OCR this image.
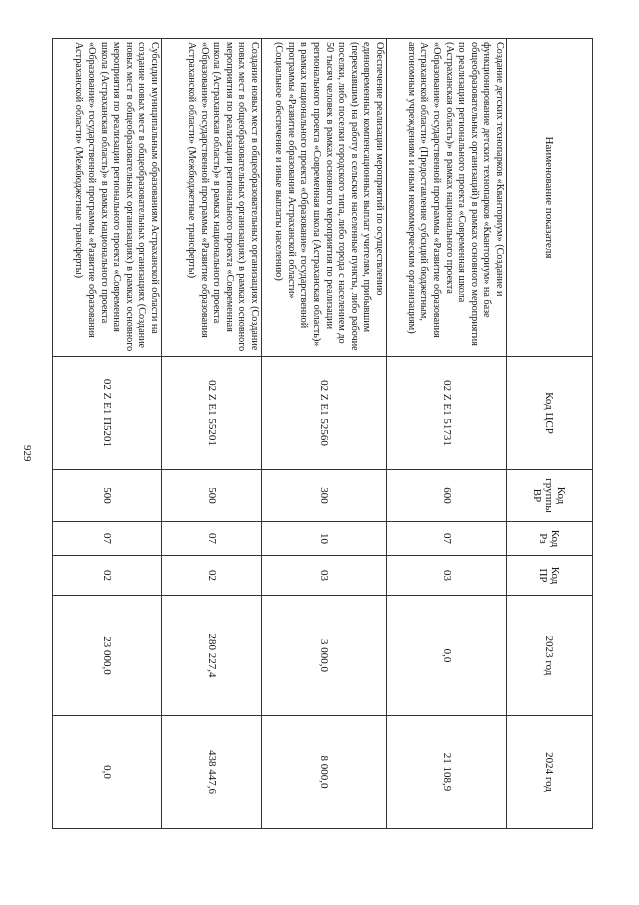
929
Наименование показателя	Код ЦСР	Код группы ВР	Код Рз	Код ПР	2023 год	2024 год
Создание детских технопарков «Кванториум» (Создание и функционирование детских технопарков «Кванториум» на базе общеобразовательных организаций) в рамках основного мероприятия по реализации регионального проекта «Современная школа (Астраханская область)» в рамках национального проекта «Образование» государственной программы «Развитие образования Астраханской области» (Предоставление субсидий бюджетным, автономным учреждениям и иным некоммерческим организациям)	02 Z E1 51731	600	07	03	0,0	21 108,9
Обеспечение реализации мероприятий по осуществлению единовременных компенсационных выплат учителям, прибывшим (переехавшим) на работу в сельские населенные пункты, либо рабочие поселки, либо поселки городского типа, либо города с населением до 50 тысяч человек в рамках основного мероприятия по реализации регионального проекта «Современная школа (Астраханская область)» в рамках национального проекта «Образование» государственной программы «Развитие образования Астраханской области» (Социальное обеспечение и иные выплаты населению)	02 Z E1 52560	300	10	03	3 000,0	8 000,0
Создание новых мест в общеобразовательных организациях (Создание новых мест в общеобразовательных организациях) в рамках основного мероприятия по реализации регионального проекта «Современная школа (Астраханская область)» в рамках национального проекта «Образование» государственной программы «Развитие образования Астраханской области» (Межбюджетные трансферты)	02 Z E1 55201	500	07	02	280 227,4	438 447,6
Субсидии муниципальным образованиям Астраханской области на создание новых мест в общеобразовательных организациях (Создание новых мест в общеобразовательных организациях) в рамках основного мероприятия по реализации регионального проекта «Современная школа (Астраханская область)» в рамках национального проекта «Образование» государственной программы «Развитие образования Астраханской области» (Межбюджетные трансферты)	02 Z E1 П5201	500	07	02	23 000,0	0,0
